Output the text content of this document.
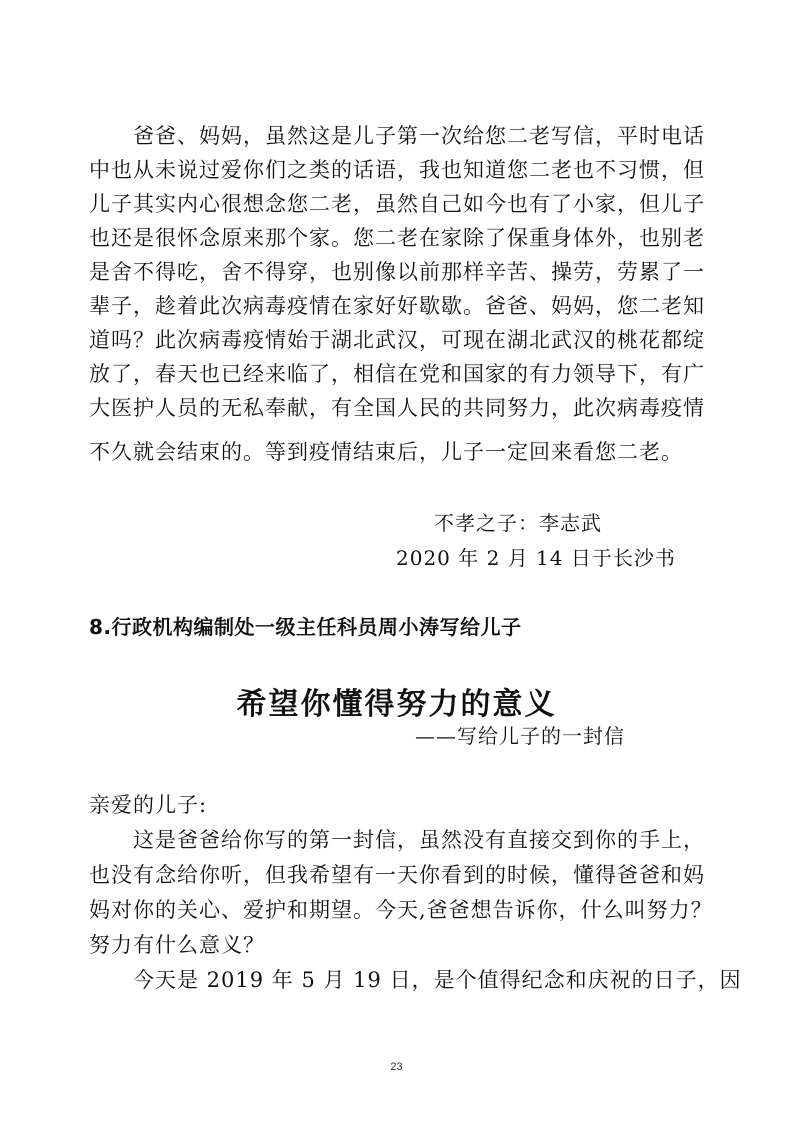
爸爸、妈妈，虽然这是儿子第一次给您二老写信，平时电话
中也从未说过爱你们之类的话语，我也知道您二老也不习惯，但
儿子其实内心很想念您二老，虽然自己如今也有了小家，但儿子
也还是很怀念原来那个家。您二老在家除了保重身体外，也别老
是舍不得吃，舍不得穿，也别像以前那样辛苦、操劳，劳累了一
辈子，趁着此次病毒疫情在家好好歇歇。爸爸、妈妈，您二老知
道吗？此次病毒疫情始于湖北武汉，可现在湖北武汉的桃花都绽
放了，春天也已经来临了，相信在党和国家的有力领导下，有广
大医护人员的无私奉献，有全国人民的共同努力，此次病毒疫情
不久就会结束的。等到疫情结束后，儿子一定回来看您二老。
不孝之子：李志武
2020 年 2 月 14 日于长沙书
8.行政机构编制处一级主任科员周小涛写给儿子
希望你懂得努力的意义
——写给儿子的一封信
亲爱的儿子:
这是爸爸给你写的第一封信，虽然没有直接交到你的手上，
也没有念给你听，但我希望有一天你看到的时候，懂得爸爸和妈
妈对你的关心、爱护和期望。今天,爸爸想告诉你，什么叫努力？
努力有什么意义？
今天是 2019 年 5 月 19 日，是个值得纪念和庆祝的日子，因
23
